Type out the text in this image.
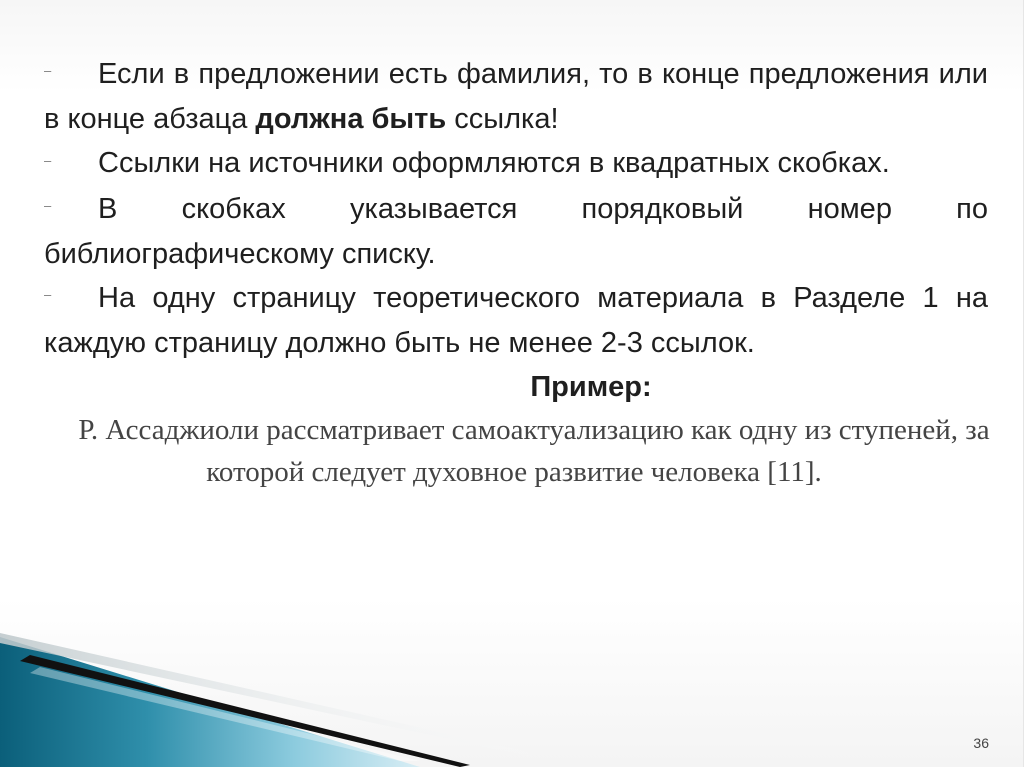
– Если в предложении есть фамилия, то в конце предложения или в конце абзаца должна быть ссылка!

– Ссылки на источники оформляются в квадратных скобках.

– В скобках указывается порядковый номер по библиографическому списку.

– На одну страницу теоретического материала в Разделе 1 на каждую страницу должно быть не менее 2-3 ссылок.

Пример:

Р. Ассаджиоли рассматривает самоактуализацию как одну из ступеней, за которой следует духовное развитие человека [11].

36
